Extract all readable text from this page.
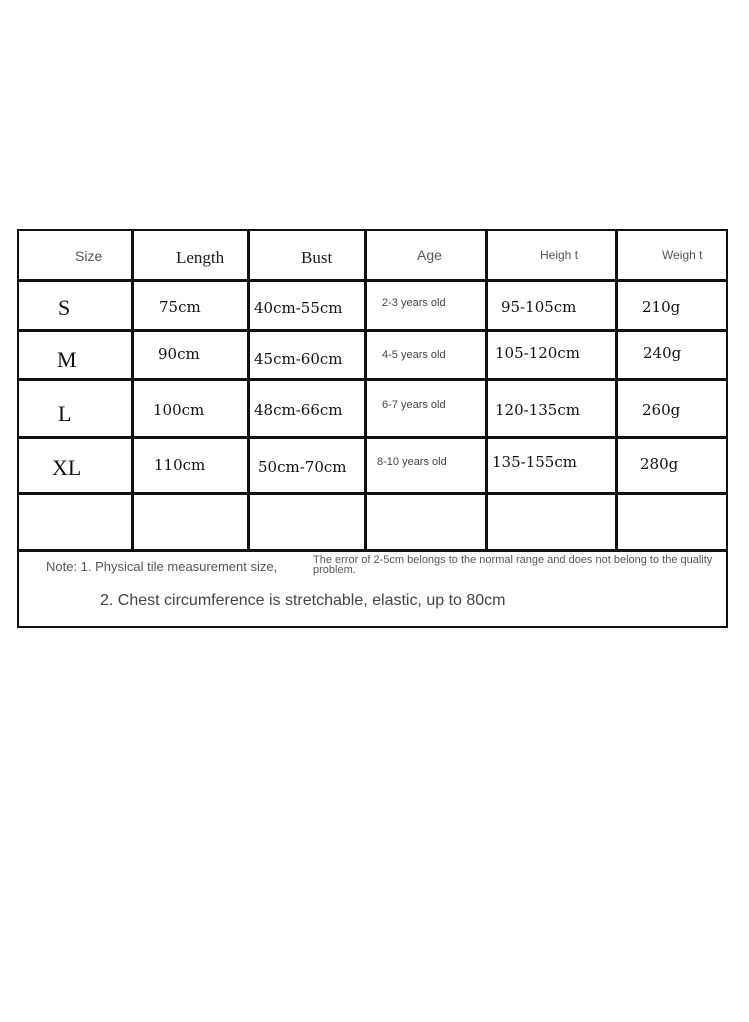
Size	Length	Bust	Age	Heigh t	Weigh t
S	75cm	40cm-55cm	2-3 years old	95-105cm	210g
M	90cm	45cm-60cm	4-5 years old	105-120cm	240g
L	100cm	48cm-66cm	6-7 years old	120-135cm	260g
XL	110cm	50cm-70cm	8-10 years old	135-155cm	280g
Note: 1. Physical tile measurement size,	The error of 2-5cm belongs to the normal range and does not belong to the quality problem.
2. Chest circumference is stretchable, elastic, up to 80cm
